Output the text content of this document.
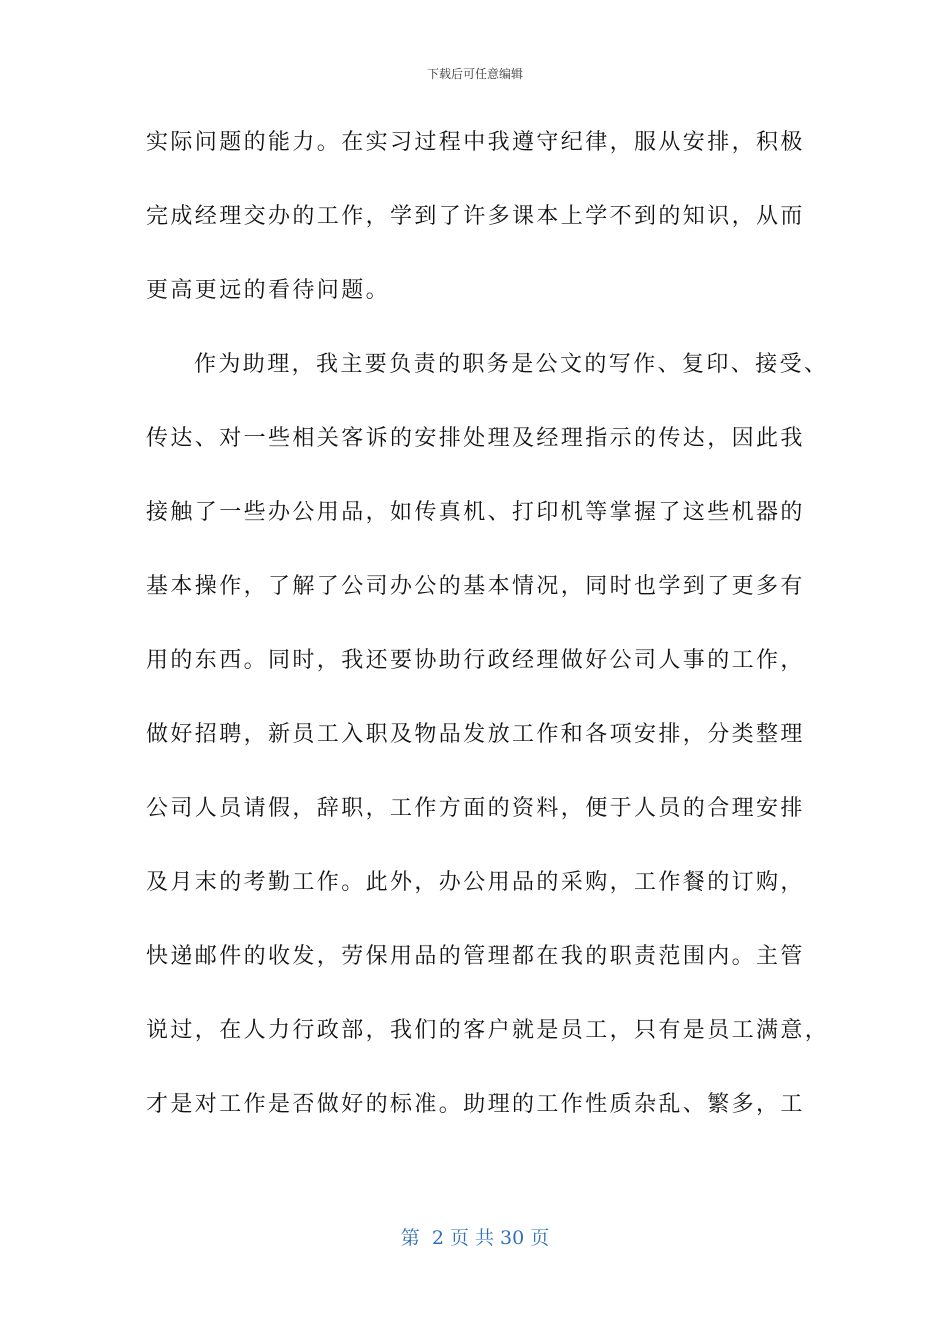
下载后可任意编辑
实际问题的能力。在实习过程中我遵守纪律，服从安排，积极
完成经理交办的工作，学到了许多课本上学不到的知识，从而
更高更远的看待问题。
作为助理，我主要负责的职务是公文的写作、复印、接受、
传达、对一些相关客诉的安排处理及经理指示的传达，因此我
接触了一些办公用品，如传真机、打印机等掌握了这些机器的
基本操作，了解了公司办公的基本情况，同时也学到了更多有
用的东西。同时，我还要协助行政经理做好公司人事的工作，
做好招聘，新员工入职及物品发放工作和各项安排，分类整理
公司人员请假，辞职，工作方面的资料，便于人员的合理安排
及月末的考勤工作。此外，办公用品的采购，工作餐的订购，
快递邮件的收发，劳保用品的管理都在我的职责范围内。主管
说过，在人力行政部，我们的客户就是员工，只有是员工满意，
才是对工作是否做好的标准。助理的工作性质杂乱、繁多，工
第  2 页 共 30 页
